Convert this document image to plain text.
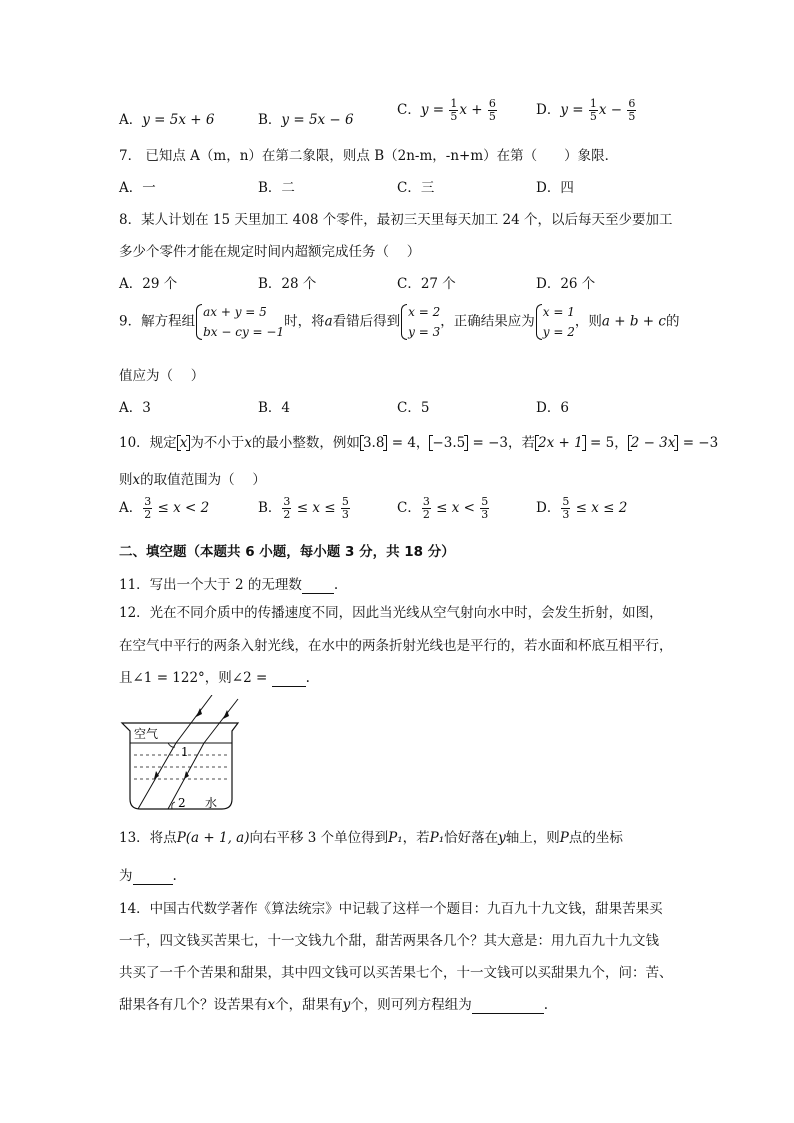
A．y = 5x + 6	B．y = 5x − 6
C．$y = \frac{1}{5}$ $x + \frac{6}{5}$	D．$y = \frac{1}{5}$ $x - \frac{6}{5}$
7． 已知点 A（m，n）在第二象限，则点 B（2n-m，-n+m）在第（　　）象限．
A．一	B．二	C．三	D．四
8．某人计划在 15 天里加工 408 个零件，最初三天里每天加工 24 个，以后每天至少要加工
多少个零件才能在规定时间内超额完成任务（　 ）
A．29 个	B．28 个	C．27 个	D．26 个
9．解方程组
ax + y = 5
bx − cy = −1
时，将a看错后得到
x = 2
y = 3
，正确结果应为
x = 1
y = 2
，则a + b + c的
值应为（　 ）
A．3	B．4	C．5	D．6
10．规定 x 为不小于x的最小整数，例如 3.8 = 4， −3.5 = −3，若 2x + 1 = 5， 2 − 3x = −3
则x的取值范围为（　 ）
A． $\frac{3}{2} \le x < 2$	B． $\frac{3}{2} \le x \le \frac{5}{3}$	C． $\frac{3}{2} \le x < \frac{5}{3}$	D． $\frac{5}{3} \le x \le 2$
二、填空题（本题共 6 小题，每小题 3 分，共 18 分）
11．写出一个大于 2 的无理数 .
12．光在不同介质中的传播速度不同，因此当光线从空气射向水中时，会发生折射，如图，
在空气中平行的两条入射光线，在水中的两条折射光线也是平行的，若水面和杯底互相平行，
且∠1 = 122°，则∠2 =	.
空气
1
2 水
13．将点P(a + 1, a)向右平移 3 个单位得到P₁，若P₁恰好落在y轴上，则P点的坐标
为	.
14．中国古代数学著作《算法统宗》中记载了这样一个题目：九百九十九文钱，甜果苦果买
一千，四文钱买苦果七，十一文钱九个甜，甜苦两果各几个？其大意是：用九百九十九文钱
共买了一千个苦果和甜果，其中四文钱可以买苦果七个，十一文钱可以买甜果九个，问：苦、
甜果各有几个？设苦果有x个，甜果有y个，则可列方程组为	.
